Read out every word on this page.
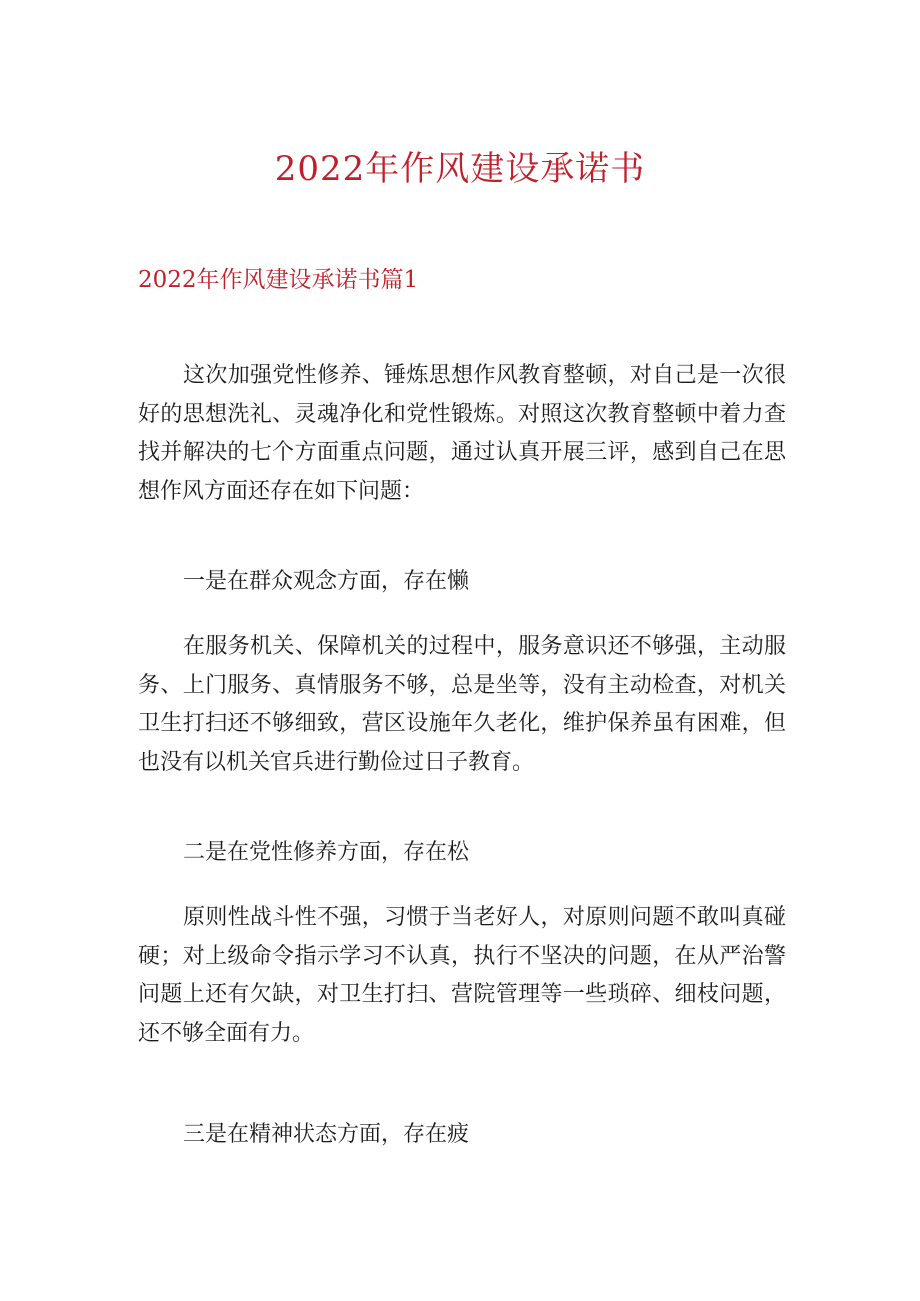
2022年作风建设承诺书
2022年作风建设承诺书篇1

这次加强党性修养、锤炼思想作风教育整顿，对自己是一次很好的思想洗礼、灵魂净化和党性锻炼。对照这次教育整顿中着力查找并解决的七个方面重点问题，通过认真开展三评，感到自己在思想作风方面还存在如下问题：

一是在群众观念方面，存在懒

在服务机关、保障机关的过程中，服务意识还不够强，主动服务、上门服务、真情服务不够，总是坐等，没有主动检查，对机关卫生打扫还不够细致，营区设施年久老化，维护保养虽有困难，但也没有以机关官兵进行勤俭过日子教育。

二是在党性修养方面，存在松

原则性战斗性不强，习惯于当老好人，对原则问题不敢叫真碰硬；对上级命令指示学习不认真，执行不坚决的问题，在从严治警问题上还有欠缺，对卫生打扫、营院管理等一些琐碎、细枝问题，还不够全面有力。

三是在精神状态方面，存在疲
